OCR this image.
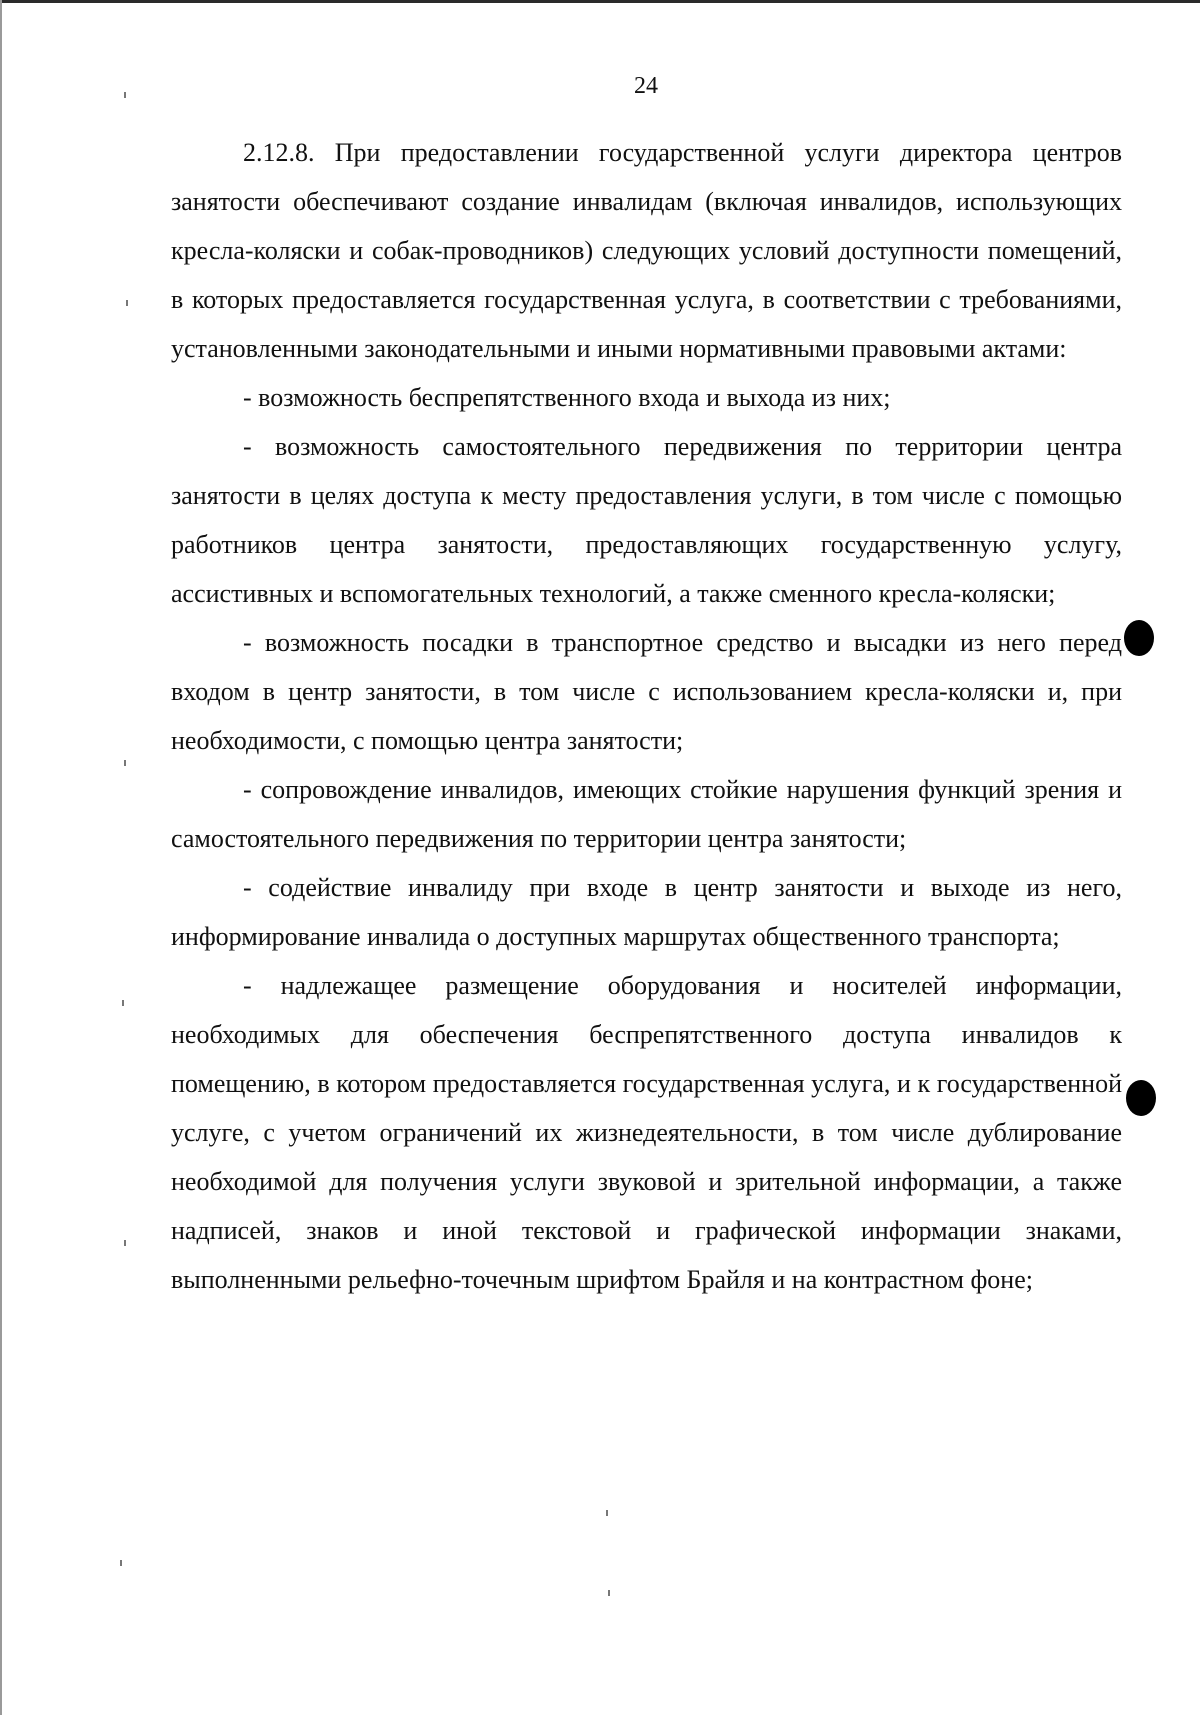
24

2.12.8. При предоставлении государственной услуги директора центров занятости обеспечивают создание инвалидам (включая инвалидов, использующих кресла-коляски и собак-проводников) следующих условий доступности помещений, в которых предоставляется государственная услуга, в соответствии с требованиями, установленными законодательными и иными нормативными правовыми актами:

- возможность беспрепятственного входа и выхода из них;

- возможность самостоятельного передвижения по территории центра занятости в целях доступа к месту предоставления услуги, в том числе с помощью работников центра занятости, предоставляющих государственную услугу, ассистивных и вспомогательных технологий, а также сменного кресла-коляски;

- возможность посадки в транспортное средство и высадки из него перед входом в центр занятости, в том числе с использованием кресла-коляски и, при необходимости, с помощью центра занятости;

- сопровождение инвалидов, имеющих стойкие нарушения функций зрения и самостоятельного передвижения по территории центра занятости;

- содействие инвалиду при входе в центр занятости и выходе из него, информирование инвалида о доступных маршрутах общественного транспорта;

- надлежащее размещение оборудования и носителей информации, необходимых для обеспечения беспрепятственного доступа инвалидов к помещению, в котором предоставляется государственная услуга, и к государственной услуге, с учетом ограничений их жизнедеятельности, в том числе дублирование необходимой для получения услуги звуковой и зрительной информации, а также надписей, знаков и иной текстовой и графической информации знаками, выполненными рельефно-точечным шрифтом Брайля и на контрастном фоне;
